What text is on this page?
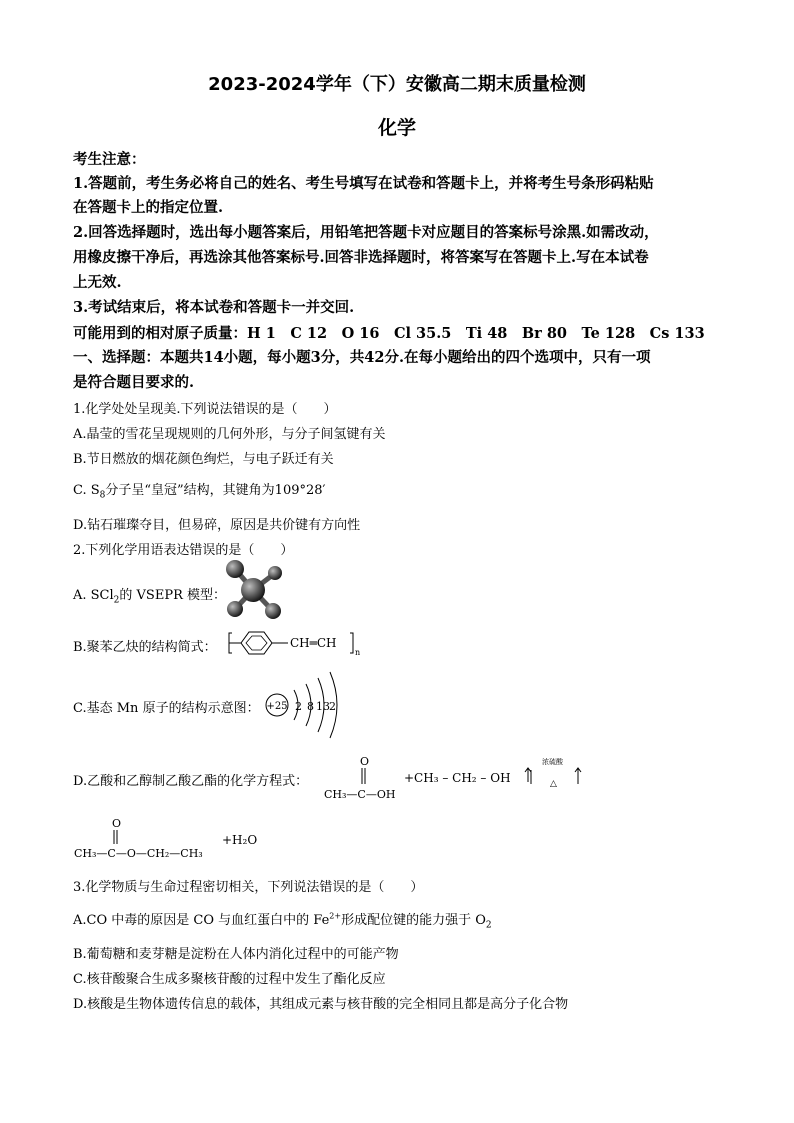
2023-2024学年（下）安徽高二期末质量检测
化学
考生注意：
1.答题前，考生务必将自己的姓名、考生号填写在试卷和答题卡上，并将考生号条形码粘贴
在答题卡上的指定位置.
2.回答选择题时，选出每小题答案后，用铅笔把答题卡对应题目的答案标号涂黑.如需改动，
用橡皮擦干净后，再选涂其他答案标号.回答非选择题时，将答案写在答题卡上.写在本试卷
上无效.
3.考试结束后，将本试卷和答题卡一并交回.
可能用到的相对原子质量：H 1　C 12　O 16　Cl 35.5　Ti 48　Br 80　Te 128　Cs 133
一、选择题：本题共14小题，每小题3分，共42分.在每小题给出的四个选项中，只有一项
是符合题目要求的.
1.化学处处呈现美.下列说法错误的是（　　）
A.晶莹的雪花呈现规则的几何外形，与分子间氢键有关
B.节日燃放的烟花颜色绚烂，与电子跃迁有关
C. $S_8$分子呈“皇冠”结构，其键角为109°28′
D.钻石璀璨夺目，但易碎，原因是共价键有方向性
2.下列化学用语表达错误的是（　　）
A. SCl$_2$的 VSEPR 模型：
B.聚苯乙炔的结构简式：	CH═CH
n
C.基态 Mn 原子的结构示意图： +25 2 8 13 2
D.乙酸和乙醇制乙酸乙酯的化学方程式：
O
CH₃—C—OH
+CH₃ – CH₂ – OH
浓硫酸
△
O
CH₃—C—O—CH₂—CH₃
+H₂O
3.化学物质与生命过程密切相关，下列说法错误的是（　　）
A.CO 中毒的原因是 CO 与血红蛋白中的 $Fe^{2+}$形成配位键的能力强于 $O_2$
B.葡萄糖和麦芽糖是淀粉在人体内消化过程中的可能产物
C.核苷酸聚合生成多聚核苷酸的过程中发生了酯化反应
D.核酸是生物体遗传信息的载体，其组成元素与核苷酸的完全相同且都是高分子化合物
